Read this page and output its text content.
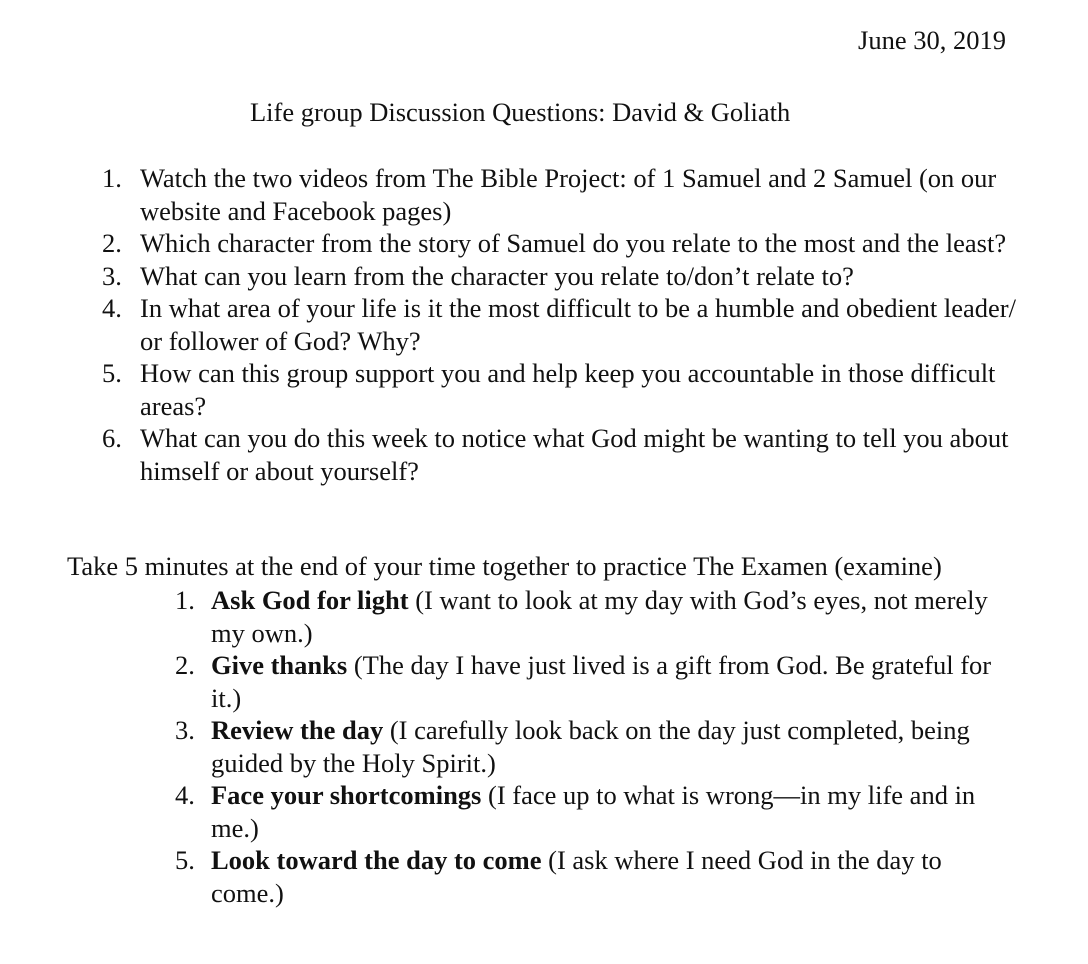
June 30, 2019
Life group Discussion Questions: David & Goliath
1. Watch the two videos from The Bible Project: of 1 Samuel and 2 Samuel (on our website and Facebook pages)
2. Which character from the story of Samuel do you relate to the most and the least?
3. What can you learn from the character you relate to/don’t relate to?
4. In what area of your life is it the most difficult to be a humble and obedient leader/ or follower of God? Why?
5. How can this group support you and help keep you accountable in those difficult areas?
6. What can you do this week to notice what God might be wanting to tell you about himself or about yourself?
Take 5 minutes at the end of your time together to practice The Examen (examine)
1. Ask God for light (I want to look at my day with God’s eyes, not merely my own.)
2. Give thanks (The day I have just lived is a gift from God. Be grateful for it.)
3. Review the day (I carefully look back on the day just completed, being guided by the Holy Spirit.)
4. Face your shortcomings (I face up to what is wrong—in my life and in me.)
5. Look toward the day to come (I ask where I need God in the day to come.)
